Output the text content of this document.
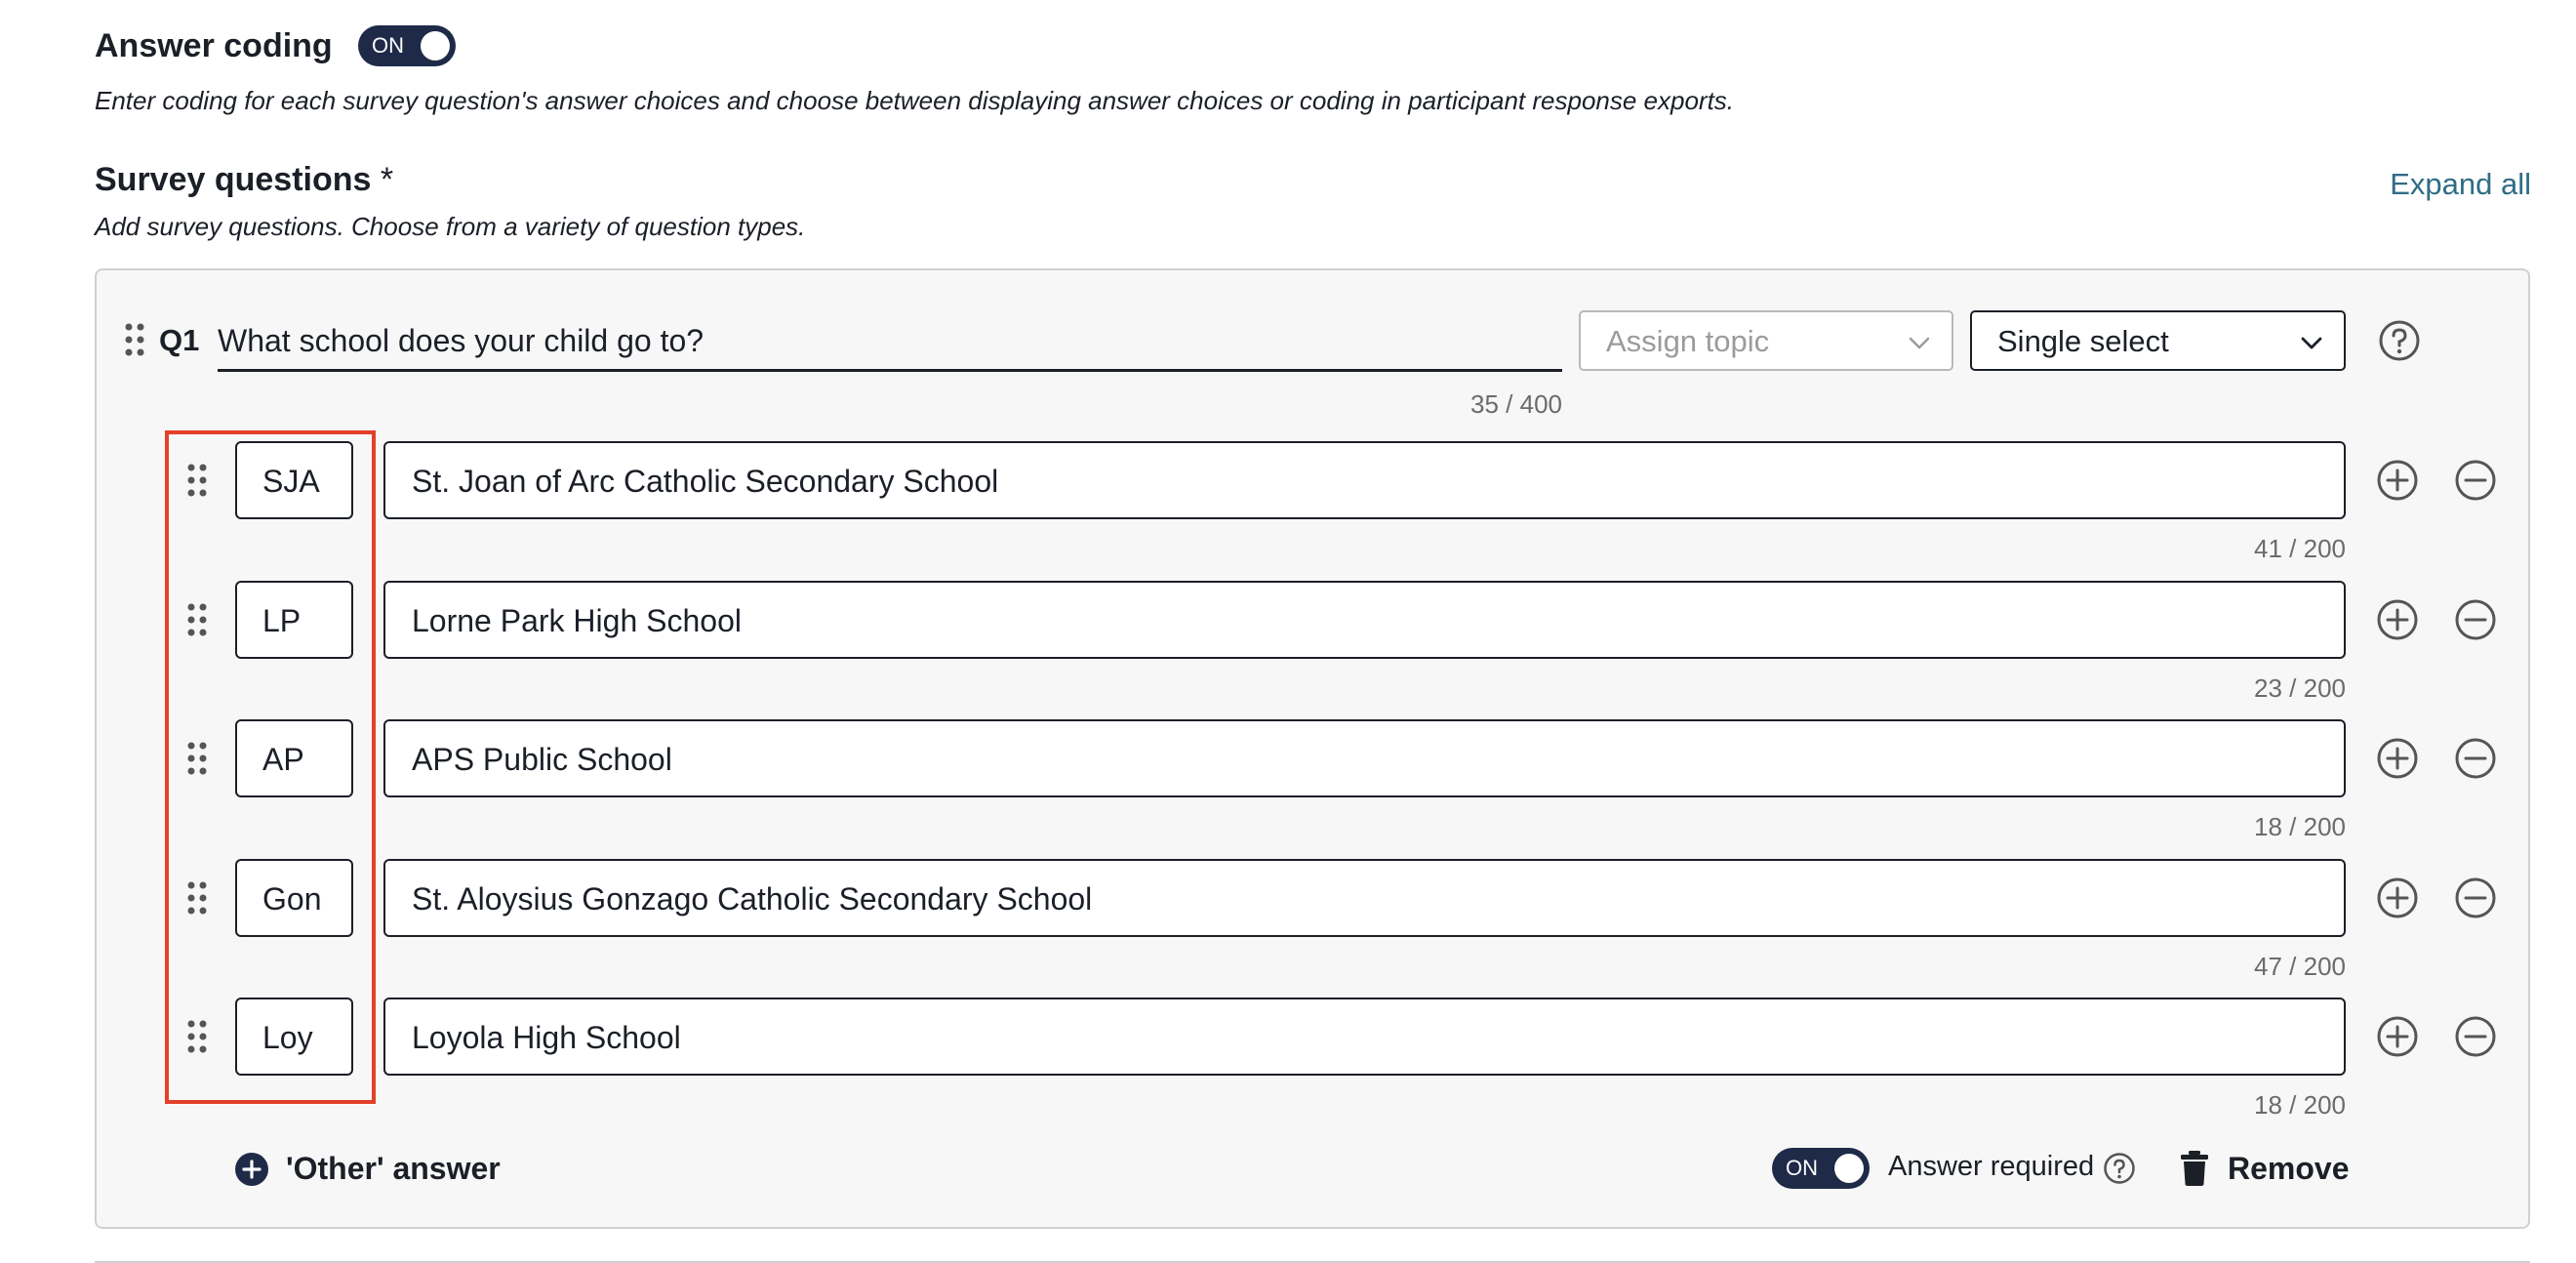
Answer coding ON
Enter coding for each survey question's answer choices and choose between displaying answer choices or coding in participant response exports.
Survey questions *	Expand all
Add survey questions. Choose from a variety of question types.
Q1 What school does your child go to?
35 / 400
Assign topic	Single select
SJA	St. Joan of Arc Catholic Secondary School
41 / 200
LP	Lorne Park High School
23 / 200
AP	APS Public School
18 / 200
Gon	St. Aloysius Gonzago Catholic Secondary School
47 / 200
Loy	Loyola High School
18 / 200
'Other' answer	ON Answer required	Remove
